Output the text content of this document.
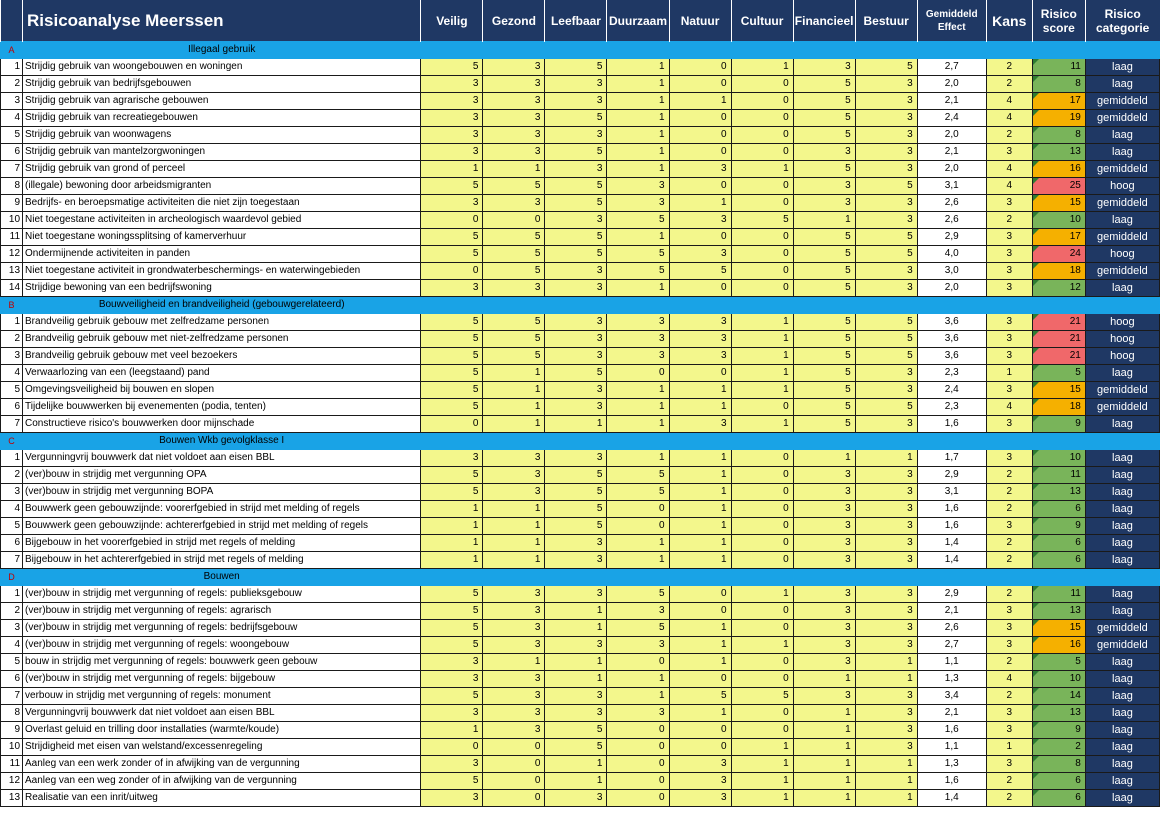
	Risicoanalyse Meerssen	Veilig	Gezond	Leefbaar	Duurzaam	Natuur	Cultuur	Financieel	Bestuur	Gemiddeld Effect	Kans	Risico score	Risico categorie
A	Illegaal gebruik												
1	Strijdig gebruik van woongebouwen en woningen	5	3	5	1	0	1	3	5	2,7	2	11	laag
2	Strijdig gebruik van bedrijfsgebouwen	3	3	3	1	0	0	5	3	2,0	2	8	laag
3	Strijdig gebruik van agrarische gebouwen	3	3	3	1	1	0	5	3	2,1	4	17	gemiddeld
4	Strijdig gebruik van recreatiegebouwen	3	3	5	1	0	0	5	3	2,4	4	19	gemiddeld
5	Strijdig gebruik van woonwagens	3	3	3	1	0	0	5	3	2,0	2	8	laag
6	Strijdig gebruik van mantelzorgwoningen	3	3	5	1	0	0	3	3	2,1	3	13	laag
7	Strijdig gebruik van grond of perceel	1	1	3	1	3	1	5	3	2,0	4	16	gemiddeld
8	(illegale) bewoning door arbeidsmigranten	5	5	5	3	0	0	3	5	3,1	4	25	hoog
9	Bedrijfs- en beroepsmatige activiteiten die niet zijn toegestaan	3	3	5	3	1	0	3	3	2,6	3	15	gemiddeld
10	Niet toegestane activiteiten in archeologisch waardevol gebied	0	0	3	5	3	5	1	3	2,6	2	10	laag
11	Niet toegestane woningssplitsing of kamerverhuur	5	5	5	1	0	0	5	5	2,9	3	17	gemiddeld
12	Ondermijnende activiteiten in panden	5	5	5	5	3	0	5	5	4,0	3	24	hoog
13	Niet toegestane activiteit in grondwaterbeschermings- en waterwingebieden	0	5	3	5	5	0	5	3	3,0	3	18	gemiddeld
14	Strijdige bewoning van een bedrijfswoning	3	3	3	1	0	0	5	3	2,0	3	12	laag
B	Bouwveiligheid en brandveiligheid (gebouwgerelateerd)												
1	Brandveilig gebruik gebouw met zelfredzame personen	5	5	3	3	3	1	5	5	3,6	3	21	hoog
2	Brandveilig gebruik gebouw met niet-zelfredzame personen	5	5	3	3	3	1	5	5	3,6	3	21	hoog
3	Brandveilig gebruik gebouw met veel bezoekers	5	5	3	3	3	1	5	5	3,6	3	21	hoog
4	Verwaarlozing van een (leegstaand) pand	5	1	5	0	0	1	5	3	2,3	1	5	laag
5	Omgevingsveiligheid bij bouwen en slopen	5	1	3	1	1	1	5	3	2,4	3	15	gemiddeld
6	Tijdelijke bouwwerken bij evenementen (podia, tenten)	5	1	3	1	1	0	5	5	2,3	4	18	gemiddeld
7	Constructieve risico's bouwwerken door mijnschade	0	1	1	1	3	1	5	3	1,6	3	9	laag
C	Bouwen Wkb gevolgklasse I												
1	Vergunningvrij bouwwerk dat niet voldoet aan eisen BBL	3	3	3	1	1	0	1	1	1,7	3	10	laag
2	(ver)bouw in strijdig met vergunning OPA	5	3	5	5	1	0	3	3	2,9	2	11	laag
3	(ver)bouw in strijdig met vergunning BOPA	5	3	5	5	1	0	3	3	3,1	2	13	laag
4	Bouwwerk geen gebouwzijnde: voorerfgebied in strijd met melding of regels	1	1	5	0	1	0	3	3	1,6	2	6	laag
5	Bouwwerk geen gebouwzijnde: achtererfgebied in strijd met melding of regels	1	1	5	0	1	0	3	3	1,6	3	9	laag
6	Bijgebouw in het voorerfgebied in strijd met regels of melding	1	1	3	1	1	0	3	3	1,4	2	6	laag
7	Bijgebouw in het achtererfgebied in strijd met regels of melding	1	1	3	1	1	0	3	3	1,4	2	6	laag
D	Bouwen												
1	(ver)bouw in strijdig met vergunning of regels: publieksgebouw	5	3	3	5	0	1	3	3	2,9	2	11	laag
2	(ver)bouw in strijdig met vergunning of regels: agrarisch	5	3	1	3	0	0	3	3	2,1	3	13	laag
3	(ver)bouw in strijdig met vergunning of regels: bedrijfsgebouw	5	3	1	5	1	0	3	3	2,6	3	15	gemiddeld
4	(ver)bouw in strijdig met vergunning of regels: woongebouw	5	3	3	3	1	1	3	3	2,7	3	16	gemiddeld
5	bouw in strijdig met vergunning of regels: bouwwerk geen gebouw	3	1	1	0	1	0	3	1	1,1	2	5	laag
6	(ver)bouw in strijdig met vergunning of regels: bijgebouw	3	3	1	1	0	0	1	1	1,3	4	10	laag
7	verbouw in strijdig met vergunning of regels: monument	5	3	3	1	5	5	3	3	3,4	2	14	laag
8	Vergunningvrij bouwwerk dat niet voldoet aan eisen BBL	3	3	3	3	1	0	1	3	2,1	3	13	laag
9	Overlast geluid en trilling door installaties (warmte/koude)	1	3	5	0	0	0	1	3	1,6	3	9	laag
10	Strijdigheid met eisen van welstand/excessenregeling	0	0	5	0	0	1	1	3	1,1	1	2	laag
11	Aanleg van een werk zonder of in afwijking van de vergunning	3	0	1	0	3	1	1	1	1,3	3	8	laag
12	Aanleg van een weg zonder of in afwijking van de vergunning	5	0	1	0	3	1	1	1	1,6	2	6	laag
13	Realisatie van een inrit/uitweg	3	0	3	0	3	1	1	1	1,4	2	6	laag
